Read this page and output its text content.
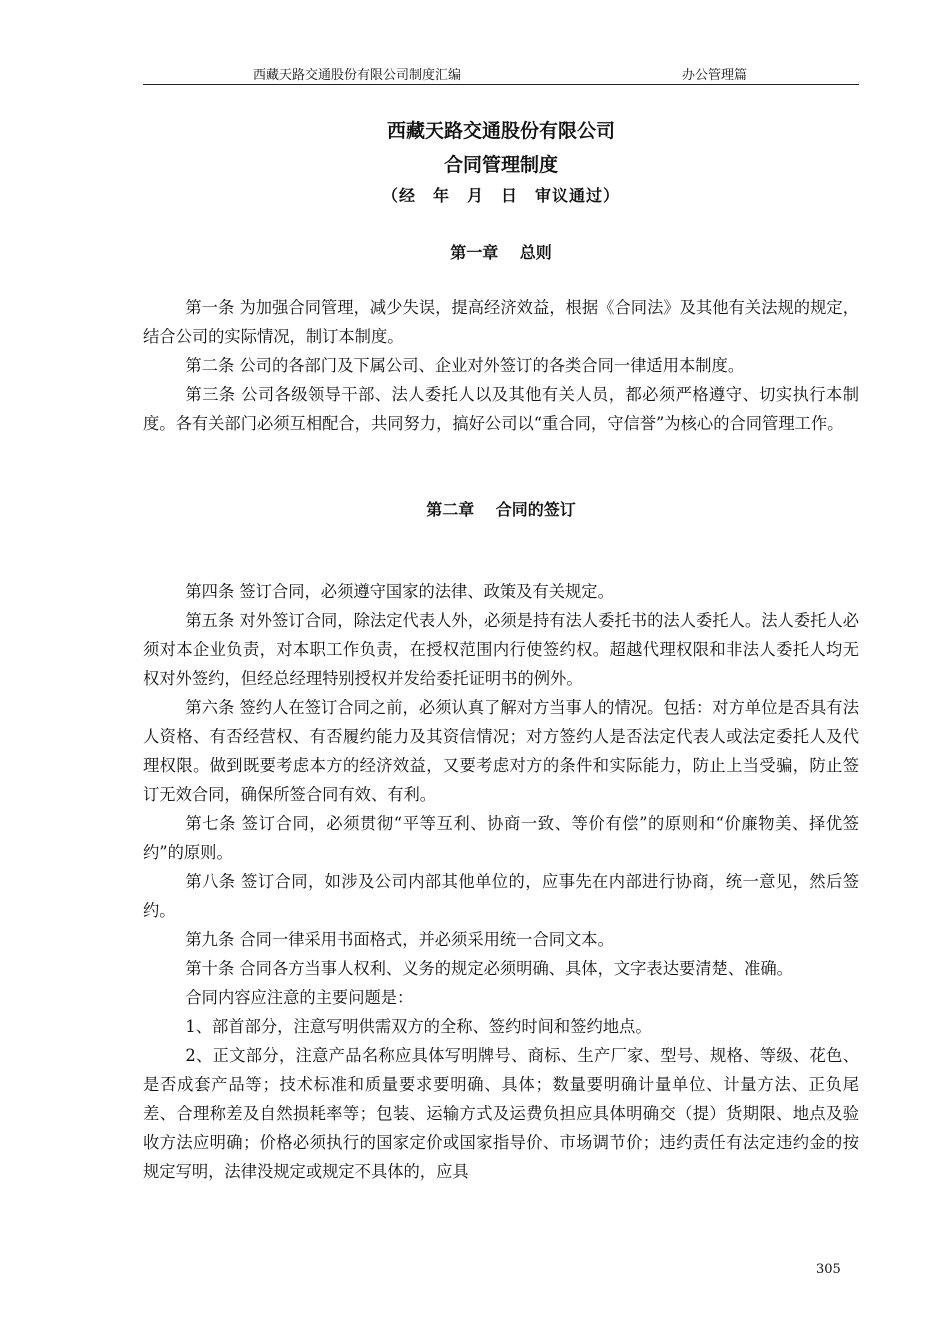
西藏天路交通股份有限公司制度汇编	办公管理篇
西藏天路交通股份有限公司
合同管理制度
（经　年　月　日　审议通过）
第一章　 总则

第一条 为加强合同管理，减少失误，提高经济效益，根据《合同法》及其他有关法规的规定，结合公司的实际情况，制订本制度。

第二条 公司的各部门及下属公司、企业对外签订的各类合同一律适用本制度。

第三条 公司各级领导干部、法人委托人以及其他有关人员，都必须严格遵守、切实执行本制度。各有关部门必须互相配合，共同努力，搞好公司以“重合同，守信誉”为核心的合同管理工作。

第二章　 合同的签订

第四条 签订合同，必须遵守国家的法律、政策及有关规定。

第五条 对外签订合同，除法定代表人外，必须是持有法人委托书的法人委托人。法人委托人必须对本企业负责，对本职工作负责，在授权范围内行使签约权。超越代理权限和非法人委托人均无权对外签约，但经总经理特别授权并发给委托证明书的例外。

第六条 签约人在签订合同之前，必须认真了解对方当事人的情况。包括：对方单位是否具有法人资格、有否经营权、有否履约能力及其资信情况；对方签约人是否法定代表人或法定委托人及代理权限。做到既要考虑本方的经济效益，又要考虑对方的条件和实际能力，防止上当受骗，防止签订无效合同，确保所签合同有效、有利。

第七条 签订合同，必须贯彻“平等互利、协商一致、等价有偿”的原则和“价廉物美、择优签约”的原则。

第八条 签订合同，如涉及公司内部其他单位的，应事先在内部进行协商，统一意见，然后签约。

第九条 合同一律采用书面格式，并必须采用统一合同文本。

第十条 合同各方当事人权利、义务的规定必须明确、具体，文字表达要清楚、准确。

合同内容应注意的主要问题是：

1、部首部分，注意写明供需双方的全称、签约时间和签约地点。

2、正文部分，注意产品名称应具体写明牌号、商标、生产厂家、型号、规格、等级、花色、是否成套产品等；技术标准和质量要求要明确、具体；数量要明确计量单位、计量方法、正负尾差、合理称差及自然损耗率等；包装、运输方式及运费负担应具体明确交（提）货期限、地点及验收方法应明确；价格必须执行的国家定价或国家指导价、市场调节价；违约责任有法定违约金的按规定写明，法律没规定或规定不具体的，应具

305
